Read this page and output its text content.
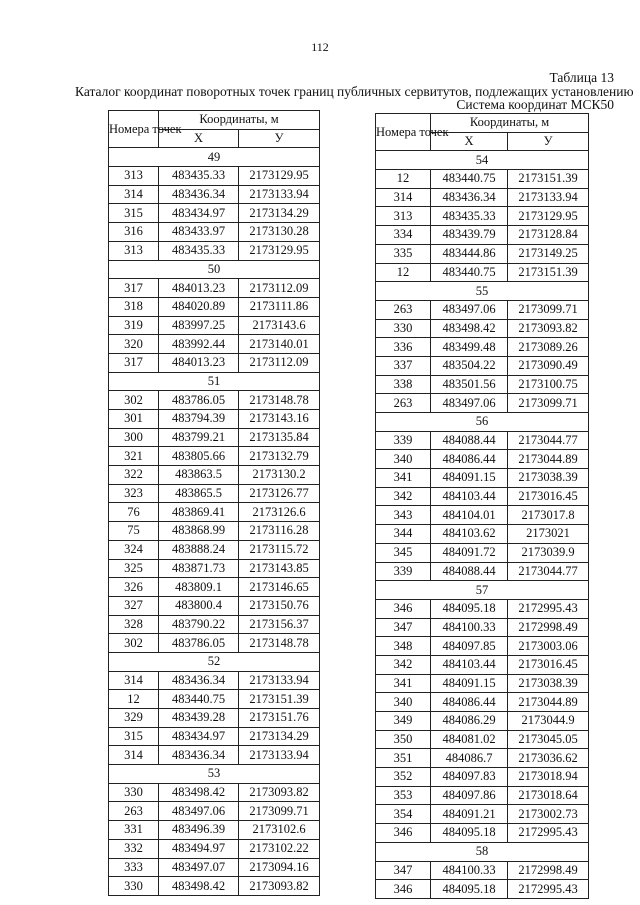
112
Таблица 13
Каталог координат поворотных точек границ публичных сервитутов, подлежащих установлению
Система координат МСК50
Номера точек	Координаты, м	
	X	У
49		
313	483435.33	2173129.95
314	483436.34	2173133.94
315	483434.97	2173134.29
316	483433.97	2173130.28
313	483435.33	2173129.95
50		
317	484013.23	2173112.09
318	484020.89	2173111.86
319	483997.25	2173143.6
320	483992.44	2173140.01
317	484013.23	2173112.09
51		
302	483786.05	2173148.78
301	483794.39	2173143.16
300	483799.21	2173135.84
321	483805.66	2173132.79
322	483863.5	2173130.2
323	483865.5	2173126.77
76	483869.41	2173126.6
75	483868.99	2173116.28
324	483888.24	2173115.72
325	483871.73	2173143.85
326	483809.1	2173146.65
327	483800.4	2173150.76
328	483790.22	2173156.37
302	483786.05	2173148.78
52		
314	483436.34	2173133.94
12	483440.75	2173151.39
329	483439.28	2173151.76
315	483434.97	2173134.29
314	483436.34	2173133.94
53		
330	483498.42	2173093.82
263	483497.06	2173099.71
331	483496.39	2173102.6
332	483494.97	2173102.22
333	483497.07	2173094.16
330	483498.42	2173093.82
Номера точек	Координаты, м	
	X	У
54		
12	483440.75	2173151.39
314	483436.34	2173133.94
313	483435.33	2173129.95
334	483439.79	2173128.84
335	483444.86	2173149.25
12	483440.75	2173151.39
55		
263	483497.06	2173099.71
330	483498.42	2173093.82
336	483499.48	2173089.26
337	483504.22	2173090.49
338	483501.56	2173100.75
263	483497.06	2173099.71
56		
339	484088.44	2173044.77
340	484086.44	2173044.89
341	484091.15	2173038.39
342	484103.44	2173016.45
343	484104.01	2173017.8
344	484103.62	2173021
345	484091.72	2173039.9
339	484088.44	2173044.77
57		
346	484095.18	2172995.43
347	484100.33	2172998.49
348	484097.85	2173003.06
342	484103.44	2173016.45
341	484091.15	2173038.39
340	484086.44	2173044.89
349	484086.29	2173044.9
350	484081.02	2173045.05
351	484086.7	2173036.62
352	484097.83	2173018.94
353	484097.86	2173018.64
354	484091.21	2173002.73
346	484095.18	2172995.43
58		
347	484100.33	2172998.49
346	484095.18	2172995.43
